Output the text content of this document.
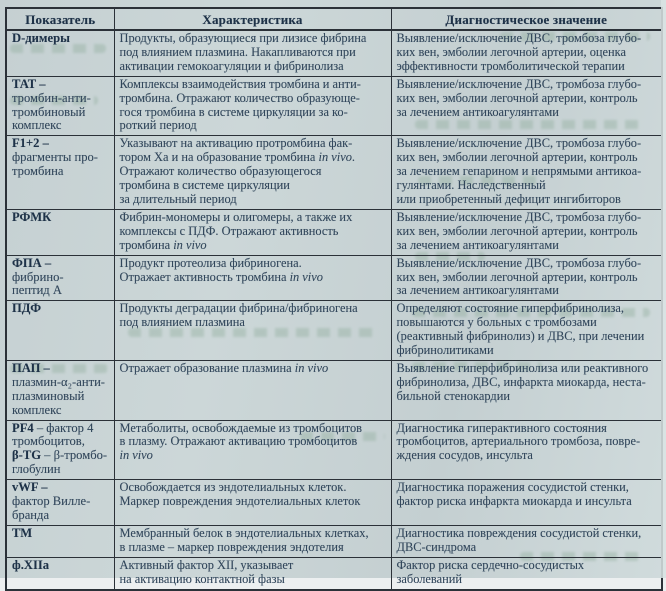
Показатель	Характеристика	Диагностическое значение

D-димеры	Продукты, образующиеся при лизисе фибрина
под влиянием плазмина. Накапливаются при
активации гемокоагуляции и фибринолиза	Выявление/исключение ДВС, тромбоза глубо-
ких вен, эмболии легочной артерии, оценка
эффективности тромболитической терапии

ТАТ –
тромбин-анти-
тромбиновый
комплекс	Комплексы взаимодействия тромбина и анти-
тромбина. Отражают количество образующе-
гося тромбина в системе циркуляции за ко-
роткий период	Выявление/исключение ДВС, тромбоза глубо-
ких вен, эмболии легочной артерии, контроль
за лечением антикоагулянтами

F1+2 –
фрагменты про-
тромбина	Указывают на активацию протромбина фак-
тором Ха и на образование тромбина in vivo.
Отражают количество образующегося
тромбина в системе циркуляции
за длительный период	Выявление/исключение ДВС, тромбоза глубо-
ких вен, эмболии легочной артерии, контроль
за лечением гепарином и непрямыми антикоа-
гулянтами. Наследственный
или приобретенный дефицит ингибиторов

РФМК	Фибрин-мономеры и олигомеры, а также их
комплексы с ПДФ. Отражают активность
тромбина in vivo	Выявление/исключение ДВС, тромбоза глубо-
ких вен, эмболии легочной артерии, контроль
за лечением антикоагулянтами

ФПА –
фибрино-
пептид А	Продукт протеолиза фибриногена.
Отражает активность тромбина in vivo	Выявление/исключение ДВС, тромбоза глубо-
ких вен, эмболии легочной артерии, контроль
за лечением антикоагулянтами

ПДФ	Продукты деградации фибрина/фибриногена
под влиянием плазмина	Определяют состояние гиперфибринолиза,
повышаются у больных с тромбозами
(реактивный фибринолиз) и ДВС, при лечении
фибринолитиками

ПАП –
плазмин-α₂-анти-
плазминовый
комплекс	Отражает образование плазмина in vivo	Выявление гиперфибринолиза или реактивного
фибринолиза, ДВС, инфаркта миокарда, неста-
бильной стенокардии

PF4 – фактор 4
тромбоцитов,
β-TG – β-тромбо-
глобулин	Метаболиты, освобождаемые из тромбоцитов
в плазму. Отражают активацию тромбоцитов
in vivo	Диагностика гиперактивного состояния
тромбоцитов, артериального тромбоза, повре-
ждения сосудов, инсульта

vWF –
фактор Вилле-
бранда	Освобождается из эндотелиальных клеток.
Маркер повреждения эндотелиальных клеток	Диагностика поражения сосудистой стенки,
фактор риска инфаркта миокарда и инсульта

ТМ	Мембранный белок в эндотелиальных клетках,
в плазме – маркер повреждения эндотелия	Диагностика повреждения сосудистой стенки,
ДВС-синдрома

ф.XIIa	Активный фактор XII, указывает
на активацию контактной фазы	Фактор риска сердечно-сосудистых
заболеваний
